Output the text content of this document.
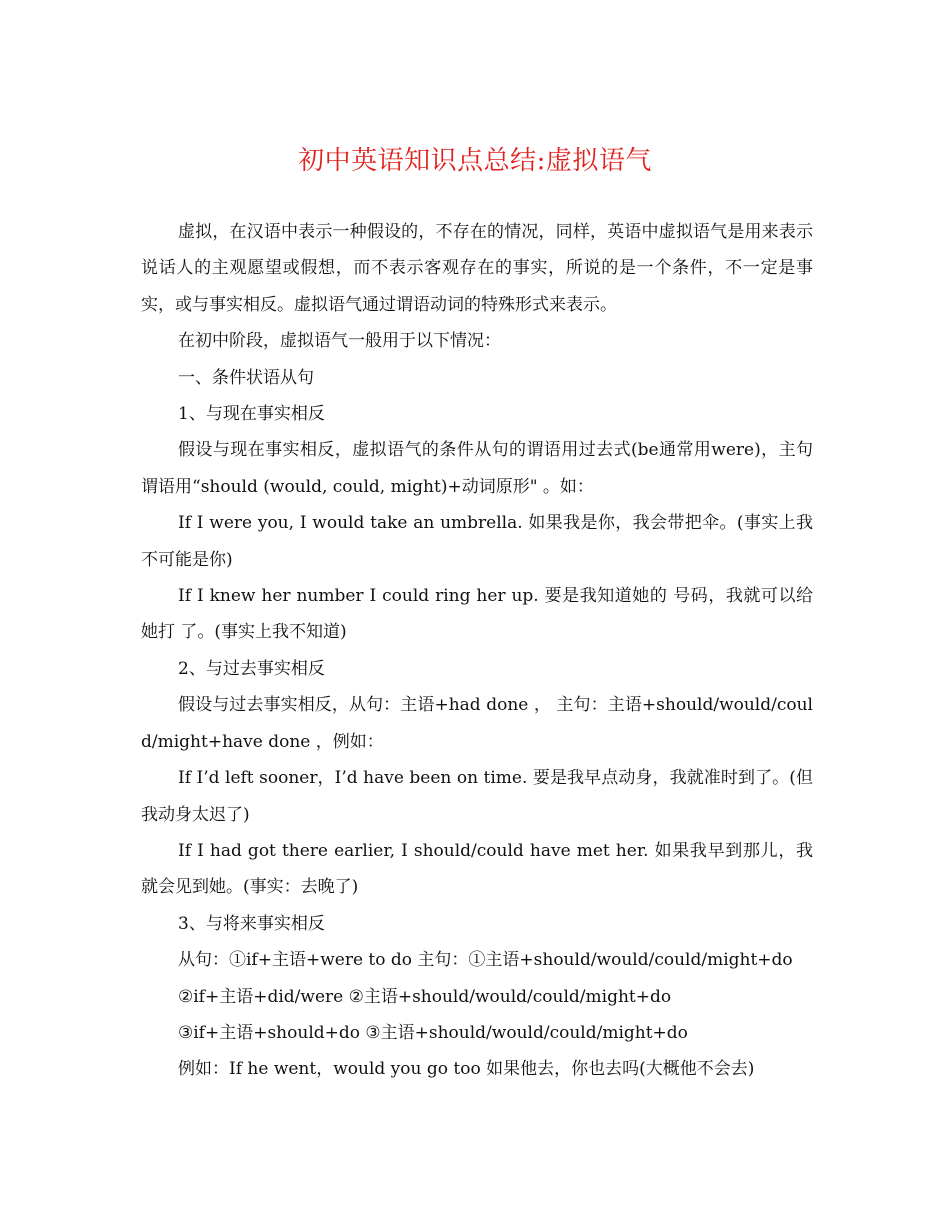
初中英语知识点总结:虚拟语气

虚拟，在汉语中表示一种假设的，不存在的情况，同样，英语中虚拟语气是用来表示说话人的主观愿望或假想，而不表示客观存在的事实，所说的是一个条件，不一定是事实，或与事实相反。虚拟语气通过谓语动词的特殊形式来表示。

在初中阶段，虚拟语气一般用于以下情况：

一、条件状语从句

1、与现在事实相反

假设与现在事实相反，虚拟语气的条件从句的谓语用过去式(be通常用were)，主句谓语用“should (would, could, might)+动词原形" 。如：

If I were you, I would take an umbrella. 如果我是你，我会带把伞。(事实上我不可能是你)

If I knew her number I could ring her up. 要是我知道她的 号码，我就可以给她打 了。(事实上我不知道)

2、与过去事实相反

假设与过去事实相反，从句：主语+had done ， 主句：主语+should/would/could/might+have done ，例如：

If I’d left sooner，I’d have been on time. 要是我早点动身，我就准时到了。(但我动身太迟了)

If I had got there earlier, I should/could have met her. 如果我早到那儿，我就会见到她。(事实：去晚了)

3、与将来事实相反

从句：①if+主语+were to do 主句：①主语+should/would/could/might+do

②if+主语+did/were ②主语+should/would/could/might+do

③if+主语+should+do ③主语+should/would/could/might+do

例如：If he went，would you go too 如果他去，你也去吗(大概他不会去)
